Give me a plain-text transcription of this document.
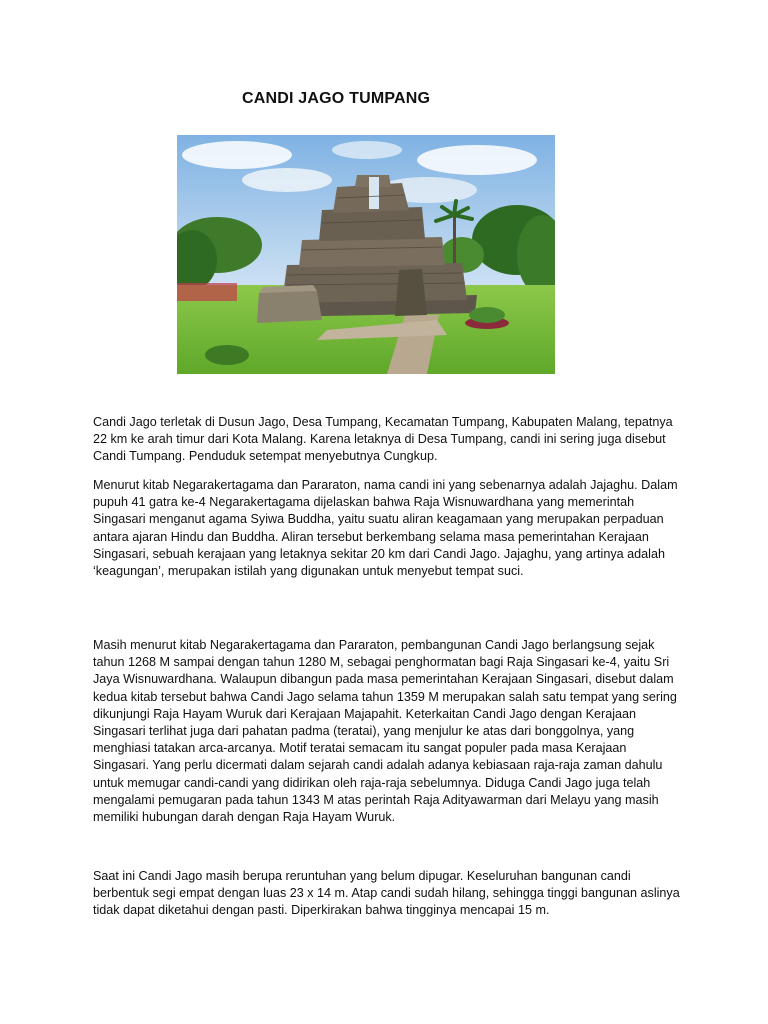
CANDI JAGO TUMPANG

Candi Jago terletak di Dusun Jago, Desa Tumpang, Kecamatan Tumpang, Kabupaten Malang, tepatnya 22 km ke arah timur dari Kota Malang. Karena letaknya di Desa Tumpang, candi ini sering juga disebut Candi Tumpang. Penduduk setempat menyebutnya Cungkup.

Menurut kitab Negarakertagama dan Pararaton, nama candi ini yang sebenarnya adalah Jajaghu. Dalam pupuh 41 gatra ke-4 Negarakertagama dijelaskan bahwa Raja Wisnuwardhana yang memerintah Singasari menganut agama Syiwa Buddha, yaitu suatu aliran keagamaan yang merupakan perpaduan antara ajaran Hindu dan Buddha. Aliran tersebut berkembang selama masa pemerintahan Kerajaan Singasari, sebuah kerajaan yang letaknya sekitar 20 km dari Candi Jago. Jajaghu, yang artinya adalah ‘keagungan’, merupakan istilah yang digunakan untuk menyebut tempat suci.

Masih menurut kitab Negarakertagama dan Pararaton, pembangunan Candi Jago berlangsung sejak tahun 1268 M sampai dengan tahun 1280 M, sebagai penghormatan bagi Raja Singasari ke-4, yaitu Sri Jaya Wisnuwardhana. Walaupun dibangun pada masa pemerintahan Kerajaan Singasari, disebut dalam kedua kitab tersebut bahwa Candi Jago selama tahun 1359 M merupakan salah satu tempat yang sering dikunjungi Raja Hayam Wuruk dari Kerajaan Majapahit. Keterkaitan Candi Jago dengan Kerajaan Singasari terlihat juga dari pahatan padma (teratai), yang menjulur ke atas dari bonggolnya, yang menghiasi tatakan arca-arcanya. Motif teratai semacam itu sangat populer pada masa Kerajaan Singasari. Yang perlu dicermati dalam sejarah candi adalah adanya kebiasaan raja-raja zaman dahulu untuk memugar candi-candi yang didirikan oleh raja-raja sebelumnya. Diduga Candi Jago juga telah mengalami pemugaran pada tahun 1343 M atas perintah Raja Adityawarman dari Melayu yang masih memiliki hubungan darah dengan Raja Hayam Wuruk.

Saat ini Candi Jago masih berupa reruntuhan yang belum dipugar. Keseluruhan bangunan candi berbentuk segi empat dengan luas 23 x 14 m. Atap candi sudah hilang, sehingga tinggi bangunan aslinya tidak dapat diketahui dengan pasti. Diperkirakan bahwa tingginya mencapai 15 m.
